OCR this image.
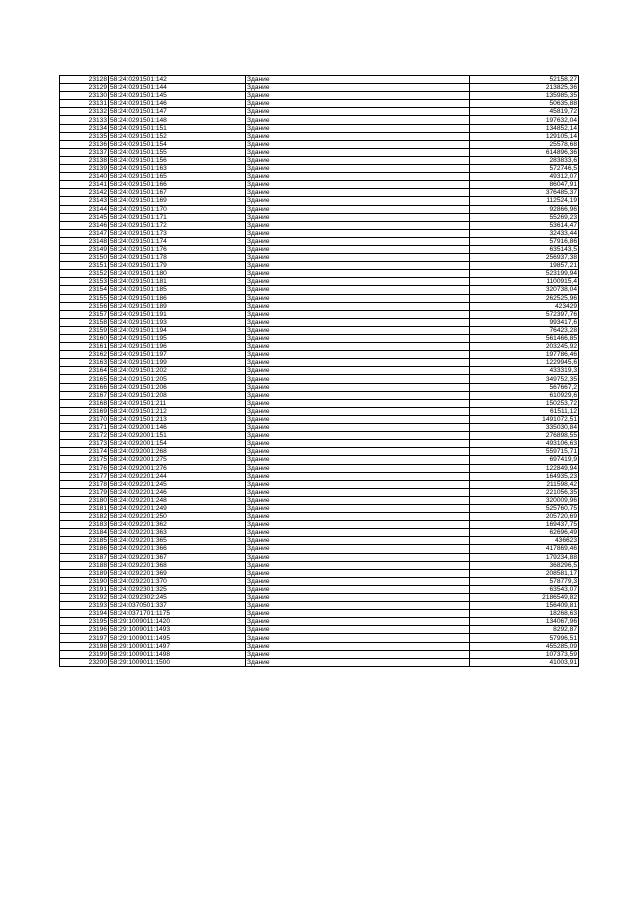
23128	58:24:0291501:142	Здание	52158,27
23129	58:24:0291501:144	Здание	213825,36
23130	58:24:0291501:145	Здание	135985,35
23131	58:24:0291501:146	Здание	50635,88
23132	58:24:0291501:147	Здание	45819,72
23133	58:24:0291501:148	Здание	197632,04
23134	58:24:0291501:151	Здание	134852,14
23135	58:24:0291501:152	Здание	129105,14
23136	58:24:0291501:154	Здание	25578,68
23137	58:24:0291501:155	Здание	614896,36
23138	58:24:0291501:156	Здание	283833,6
23139	58:24:0291501:163	Здание	572746,5
23140	58:24:0291501:165	Здание	49312,07
23141	58:24:0291501:166	Здание	86047,91
23142	58:24:0291501:167	Здание	376485,37
23143	58:24:0291501:169	Здание	112524,19
23144	58:24:0291501:170	Здание	92866,96
23145	58:24:0291501:171	Здание	55269,23
23146	58:24:0291501:172	Здание	53614,47
23147	58:24:0291501:173	Здание	32433,44
23148	58:24:0291501:174	Здание	57916,86
23149	58:24:0291501:176	Здание	635143,5
23150	58:24:0291501:178	Здание	256937,38
23151	58:24:0291501:179	Здание	19857,21
23152	58:24:0291501:180	Здание	523199,94
23153	58:24:0291501:181	Здание	1100915,4
23154	58:24:0291501:185	Здание	320738,04
23155	58:24:0291501:186	Здание	262525,96
23156	58:24:0291501:189	Здание	423429
23157	58:24:0291501:191	Здание	572397,76
23158	58:24:0291501:193	Здание	993417,6
23159	58:24:0291501:194	Здание	76423,28
23160	58:24:0291501:195	Здание	561466,85
23161	58:24:0291501:196	Здание	203245,92
23162	58:24:0291501:197	Здание	197786,46
23163	58:24:0291501:199	Здание	1229945,6
23164	58:24:0291501:202	Здание	433319,3
23165	58:24:0291501:205	Здание	349752,35
23166	58:24:0291501:206	Здание	567667,2
23167	58:24:0291501:208	Здание	610929,6
23168	58:24:0291501:211	Здание	150253,72
23169	58:24:0291501:212	Здание	61511,12
23170	58:24:0291501:213	Здание	1491072,51
23171	58:24:0292001:146	Здание	335030,84
23172	58:24:0292001:151	Здание	276898,55
23173	58:24:0292001:154	Здание	493106,63
23174	58:24:0292001:268	Здание	559715,71
23175	58:24:0292001:275	Здание	697419,9
23176	58:24:0292001:276	Здание	122849,94
23177	58:24:0292201:244	Здание	164935,23
23178	58:24:0292201:245	Здание	211598,42
23179	58:24:0292201:246	Здание	221056,35
23180	58:24:0292201:248	Здание	320009,96
23181	58:24:0292201:249	Здание	525760,75
23182	58:24:0292201:250	Здание	205720,69
23183	58:24:0292201:362	Здание	169437,75
23184	58:24:0292201:363	Здание	62696,49
23185	58:24:0292201:365	Здание	436623
23186	58:24:0292201:366	Здание	417869,46
23187	58:24:0292201:367	Здание	179234,88
23188	58:24:0292201:368	Здание	368296,5
23189	58:24:0292201:369	Здание	208581,17
23190	58:24:0292201:370	Здание	578779,3
23191	58:24:0292301:325	Здание	63543,07
23192	58:24:0292302:245	Здание	2186549,82
23193	58:24:0370501:337	Здание	156409,81
23194	58:24:0371701:1175	Здание	18268,63
23195	58:29:1009011:1420	Здание	134067,96
23196	58:29:1009011:1493	Здание	8292,87
23197	58:29:1009011:1495	Здание	57996,51
23198	58:29:1009011:1497	Здание	455285,09
23199	58:29:1009011:1498	Здание	107373,59
23200	58:29:1009011:1500	Здание	41003,91
